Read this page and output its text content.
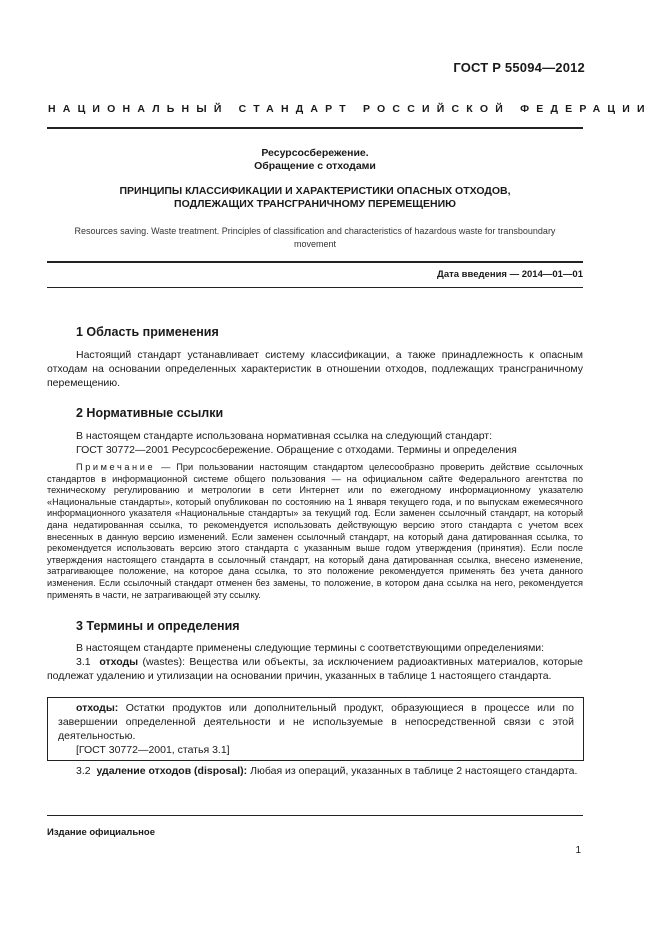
ГОСТ Р 55094—2012
НАЦИОНАЛЬНЫЙ СТАНДАРТ РОССИЙСКОЙ ФЕДЕРАЦИИ
Ресурсосбережение.
Обращение с отходами
ПРИНЦИПЫ КЛАССИФИКАЦИИ И ХАРАКТЕРИСТИКИ ОПАСНЫХ ОТХОДОВ,
ПОДЛЕЖАЩИХ ТРАНСГРАНИЧНОМУ ПЕРЕМЕЩЕНИЮ
Resources saving. Waste treatment. Principles of classification and characteristics of hazardous waste for transboundary
movement
Дата введения — 2014—01—01
1 Область применения

Настоящий стандарт устанавливает систему классификации, а также принадлежность к опасным отходам на основании определенных характеристик в отношении отходов, подлежащих трансграничному перемещению.

2 Нормативные ссылки

В настоящем стандарте использована нормативная ссылка на следующий стандарт:

ГОСТ 30772—2001 Ресурсосбережение. Обращение с отходами. Термины и определения

Примечание — При пользовании настоящим стандартом целесообразно проверить действие ссылочных стандартов в информационной системе общего пользования — на официальном сайте Федерального агентства по техническому регулированию и метрологии в сети Интернет или по ежегодному информационному указателю «Национальные стандарты», который опубликован по состоянию на 1 января текущего года, и по выпускам ежемесячного информационного указателя «Национальные стандарты» за текущий год. Если заменен ссылочный стандарт, на который дана недатированная ссылка, то рекомендуется использовать действующую версию этого стандарта с учетом всех внесенных в данную версию изменений. Если заменен ссылочный стандарт, на который дана датированная ссылка, то рекомендуется использовать версию этого стандарта с указанным выше годом утверждения (принятия). Если после утверждения настоящего стандарта в ссылочный стандарт, на который дана датированная ссылка, внесено изменение, затрагивающее положение, на которое дана ссылка, то это положение рекомендуется применять без учета данного изменения. Если ссылочный стандарт отменен без замены, то положение, в котором дана ссылка на него, рекомендуется применять в части, не затрагивающей эту ссылку.

3 Термины и определения

В настоящем стандарте применены следующие термины с соответствующими определениями:

3.1 отходы (wastes): Вещества или объекты, за исключением радиоактивных материалов, которые подлежат удалению и утилизации на основании причин, указанных в таблице 1 настоящего стандарта.

отходы: Остатки продуктов или дополнительный продукт, образующиеся в процессе или по завершении определенной деятельности и не используемые в непосредственной связи с этой деятельностью.

[ГОСТ 30772—2001, статья 3.1]

3.2 удаление отходов (disposal): Любая из операций, указанных в таблице 2 настоящего стандарта.

Издание официальное
1
